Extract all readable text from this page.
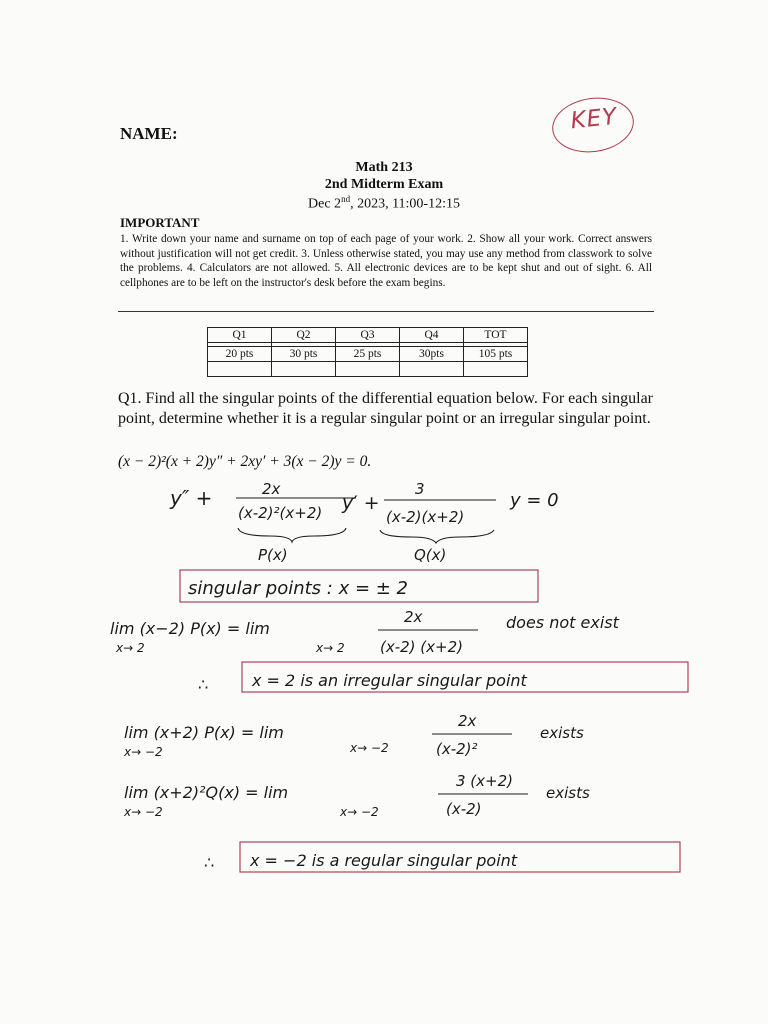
NAME:	KEY
Math 213
2nd Midterm Exam
Dec 2nd, 2023, 11:00-12:15
IMPORTANT
1. Write down your name and surname on top of each page of your work. 2. Show all your work. Correct answers without justification will not get credit. 3. Unless otherwise stated, you may use any method from classwork to solve the problems. 4. Calculators are not allowed. 5. All electronic devices are to be kept shut and out of sight. 6. All cellphones are to be left on the instructor's desk before the exam begins.
Q1	Q2	Q3	Q4	TOT

20 pts	30 pts	25 pts	30pts	105 pts

Q1. Find all the singular points of the differential equation below. For each singular point, determine whether it is a regular singular point or an irregular singular point.
(x − 2)²(x + 2)y″ + 2xy′ + 3(x − 2)y = 0.
y″ +	2x
(x-2)²(x+2) y′ +
3
(x-2)(x+2)
y = 0
P(x)	Q(x)
singular points : x = ± 2
lim (x−2) P(x) = lim
x→ 2	x→ 2
2x
(x-2) (x+2)
does not exist
∴	x = 2 is an irregular singular point
lim (x+2) P(x) = lim
x→ −2	x→ −2
2x
(x-2)²
exists
lim (x+2)²Q(x) = lim
x→ −2	x→ −2
3 (x+2)
(x-2)
exists
∴ x = −2 is a regular singular point
